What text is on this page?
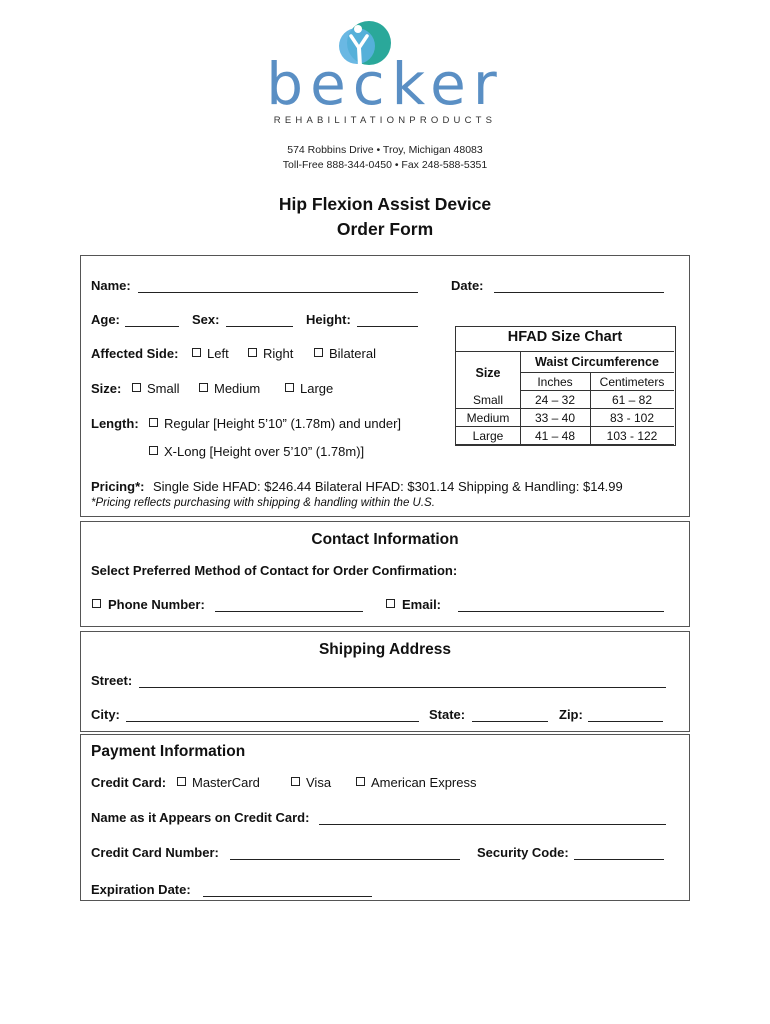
becker
REHABILITATIONPRODUCTS
574 Robbins Drive • Troy, Michigan 48083
Toll-Free 888-344-0450 • Fax 248-588-5351
Hip Flexion Assist Device
Order Form
Name:	Date:
Age:	Sex:	Height:
Affected Side: Left	Right	Bilateral
Size: Small	Medium	Large
Length: Regular [Height 5’10” (1.78m) and under]
X-Long [Height over 5’10” (1.78m)]
Pricing*: Single Side HFAD: $246.44 Bilateral HFAD: $301.14 Shipping & Handling: $14.99
*Pricing reflects purchasing with shipping & handling within the U.S.
HFAD Size Chart
Size
Waist Circumference
Inches	Centimeters
Small	24 – 32	61 – 82
Medium	33 – 40	83 - 102
Large	41 – 48	103 - 122
Contact Information
Select Preferred Method of Contact for Order Confirmation:
Phone Number:	Email:
Shipping Address
Street:
City:	State:	Zip:
Payment Information
Credit Card: MasterCard	Visa	American Express
Name as it Appears on Credit Card:
Credit Card Number:	Security Code:
Expiration Date:
